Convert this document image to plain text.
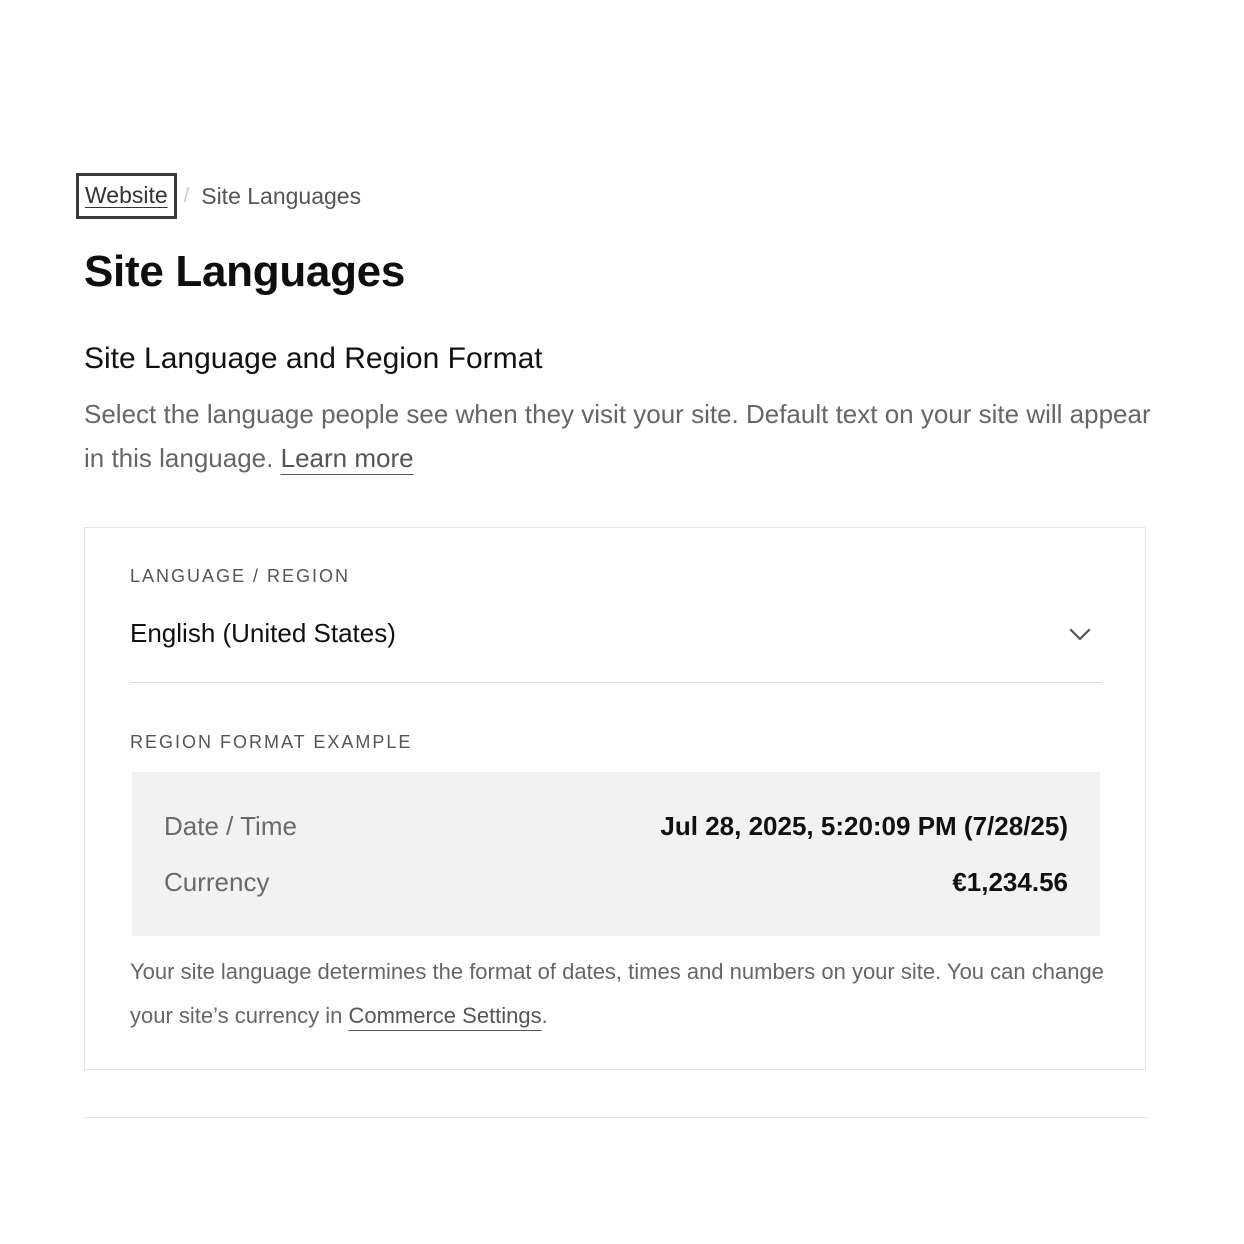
Website / Site Languages
Site Languages
Site Language and Region Format

Select the language people see when they visit your site. Default text on your site will appear in this language. Learn more

LANGUAGE / REGION
English (United States)
REGION FORMAT EXAMPLE
Date / Time	Jul 28, 2025, 5:20:09 PM (7/28/25)
Currency	€1,234.56

Your site language determines the format of dates, times and numbers on your site. You can change your site’s currency in Commerce Settings.
